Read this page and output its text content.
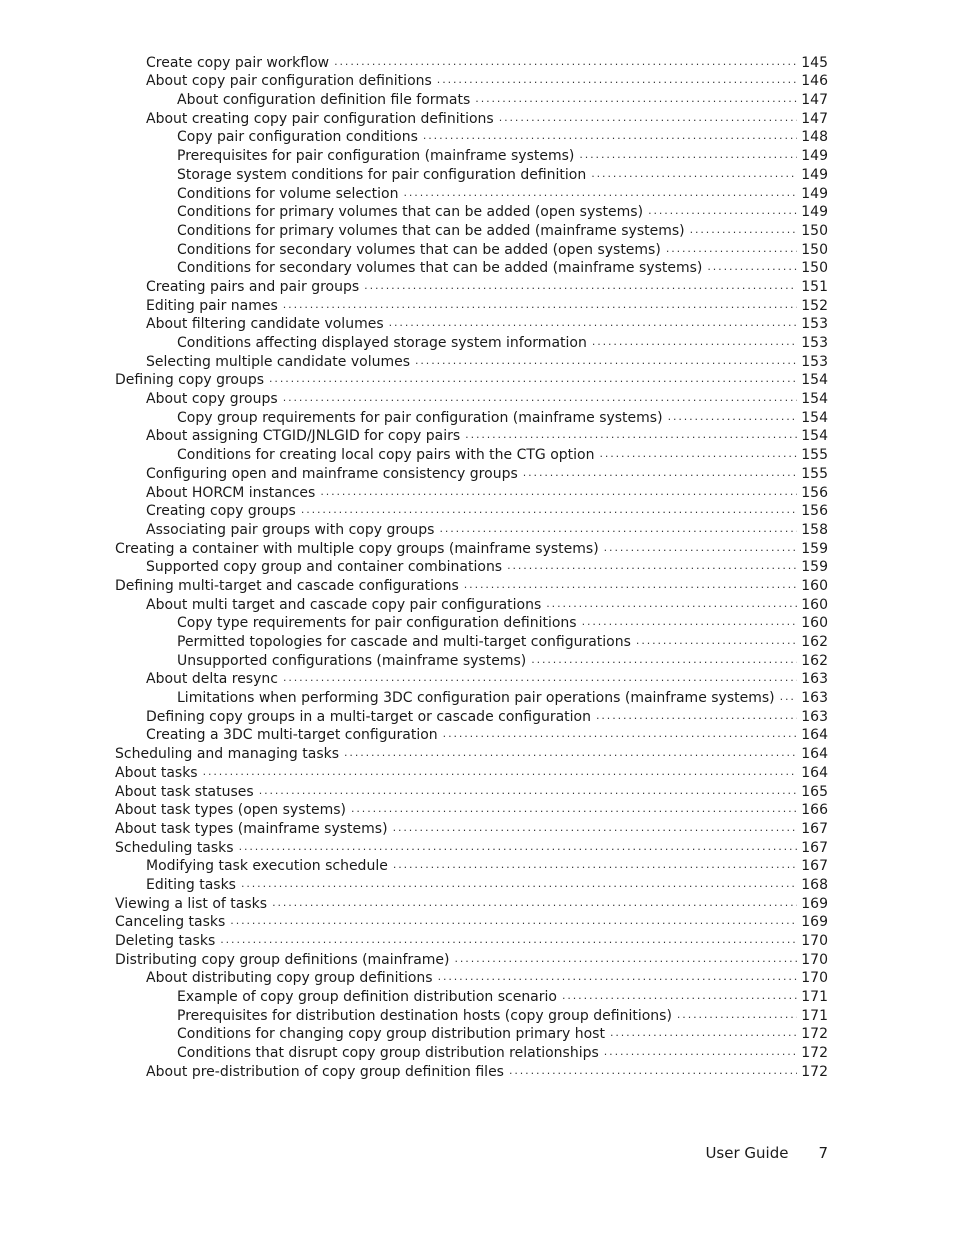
Create copy pair workflow .....	145
About copy pair configuration definitions .....	146
About configuration definition file formats .....	147
About creating copy pair configuration definitions .....	147
Copy pair configuration conditions .....	148
Prerequisites for pair configuration (mainframe systems) .....	149
Storage system conditions for pair configuration definition .....	149
Conditions for volume selection .....	149
Conditions for primary volumes that can be added (open systems) .....	149
Conditions for primary volumes that can be added (mainframe systems) .....	150
Conditions for secondary volumes that can be added (open systems) .....	150
Conditions for secondary volumes that can be added (mainframe systems) .....	150
Creating pairs and pair groups .....	151
Editing pair names .....	152
About filtering candidate volumes .....	153
Conditions affecting displayed storage system information .....	153
Selecting multiple candidate volumes .....	153
Defining copy groups .....	154
About copy groups .....	154
Copy group requirements for pair configuration (mainframe systems) .....	154
About assigning CTGID/JNLGID for copy pairs .....	154
Conditions for creating local copy pairs with the CTG option .....	155
Configuring open and mainframe consistency groups .....	155
About HORCM instances .....	156
Creating copy groups .....	156
Associating pair groups with copy groups .....	158
Creating a container with multiple copy groups (mainframe systems) .....	159
Supported copy group and container combinations .....	159
Defining multi-target and cascade configurations .....	160
About multi target and cascade copy pair configurations .....	160
Copy type requirements for pair configuration definitions .....	160
Permitted topologies for cascade and multi-target configurations .....	162
Unsupported configurations (mainframe systems) .....	162
About delta resync .....	163
Limitations when performing 3DC configuration pair operations (mainframe systems) .....	163
Defining copy groups in a multi-target or cascade configuration .....	163
Creating a 3DC multi-target configuration .....	164
Scheduling and managing tasks .....	164
About tasks .....	164
About task statuses .....	165
About task types (open systems) .....	166
About task types (mainframe systems) .....	167
Scheduling tasks .....	167
Modifying task execution schedule .....	167
Editing tasks .....	168
Viewing a list of tasks .....	169
Canceling tasks .....	169
Deleting tasks .....	170
Distributing copy group definitions (mainframe) .....	170
About distributing copy group definitions .....	170
Example of copy group definition distribution scenario .....	171
Prerequisites for distribution destination hosts (copy group definitions) .....	171
Conditions for changing copy group distribution primary host .....	172
Conditions that disrupt copy group distribution relationships .....	172
About pre-distribution of copy group definition files .....	172
User Guide 7
